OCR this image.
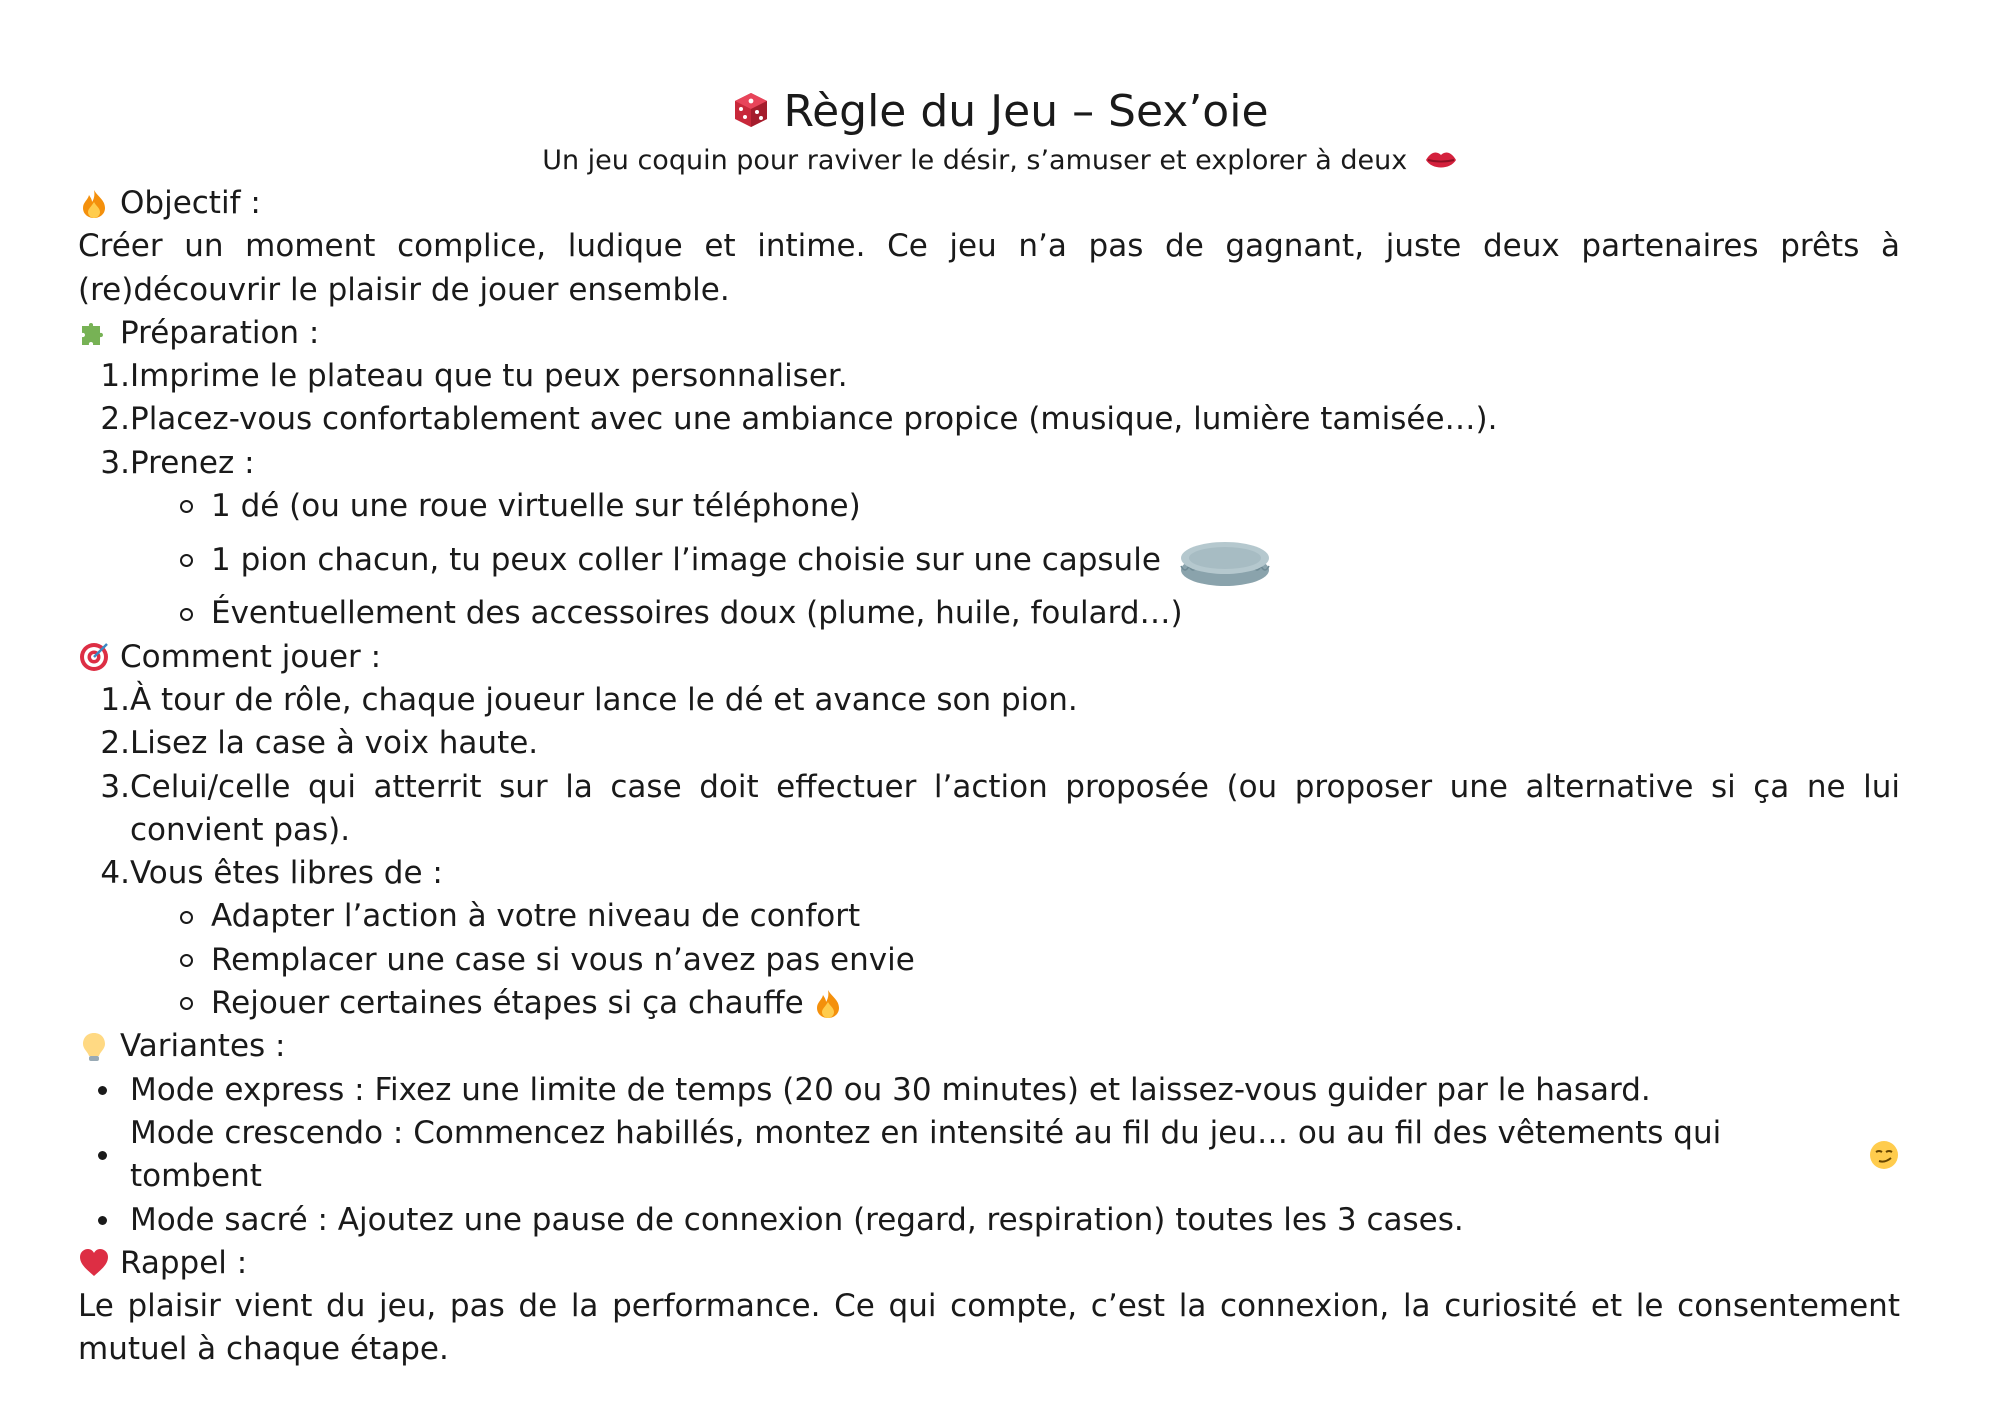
Règle du Jeu – Sex’oie
Un jeu coquin pour raviver le désir, s’amuser et explorer à deux
Objectif :
Créer un moment complice, ludique et intime. Ce jeu n’a pas de gagnant, juste deux partenaires prêts à (re)découvrir le plaisir de jouer ensemble.
Préparation :
1. Imprime le plateau que tu peux personnaliser.
2. Placez-vous confortablement avec une ambiance propice (musique, lumière tamisée…).
3. Prenez :
1 dé (ou une roue virtuelle sur téléphone)
1 pion chacun, tu peux coller l’image choisie sur une capsule
Éventuellement des accessoires doux (plume, huile, foulard…)
Comment jouer :
1. À tour de rôle, chaque joueur lance le dé et avance son pion.
2. Lisez la case à voix haute.
3. Celui/celle qui atterrit sur la case doit effectuer l’action proposée (ou proposer une alternative si ça ne lui convient pas).
4. Vous êtes libres de :
Adapter l’action à votre niveau de confort
Remplacer une case si vous n’avez pas envie
Rejouer certaines étapes si ça chauffe
Variantes :
Mode express : Fixez une limite de temps (20 ou 30 minutes) et laissez-vous guider par le hasard.
Mode crescendo : Commencez habillés, montez en intensité au fil du jeu… ou au fil des vêtements qui tombent
Mode sacré : Ajoutez une pause de connexion (regard, respiration) toutes les 3 cases.
Rappel :
Le plaisir vient du jeu, pas de la performance. Ce qui compte, c’est la connexion, la curiosité et le consentement mutuel à chaque étape.
